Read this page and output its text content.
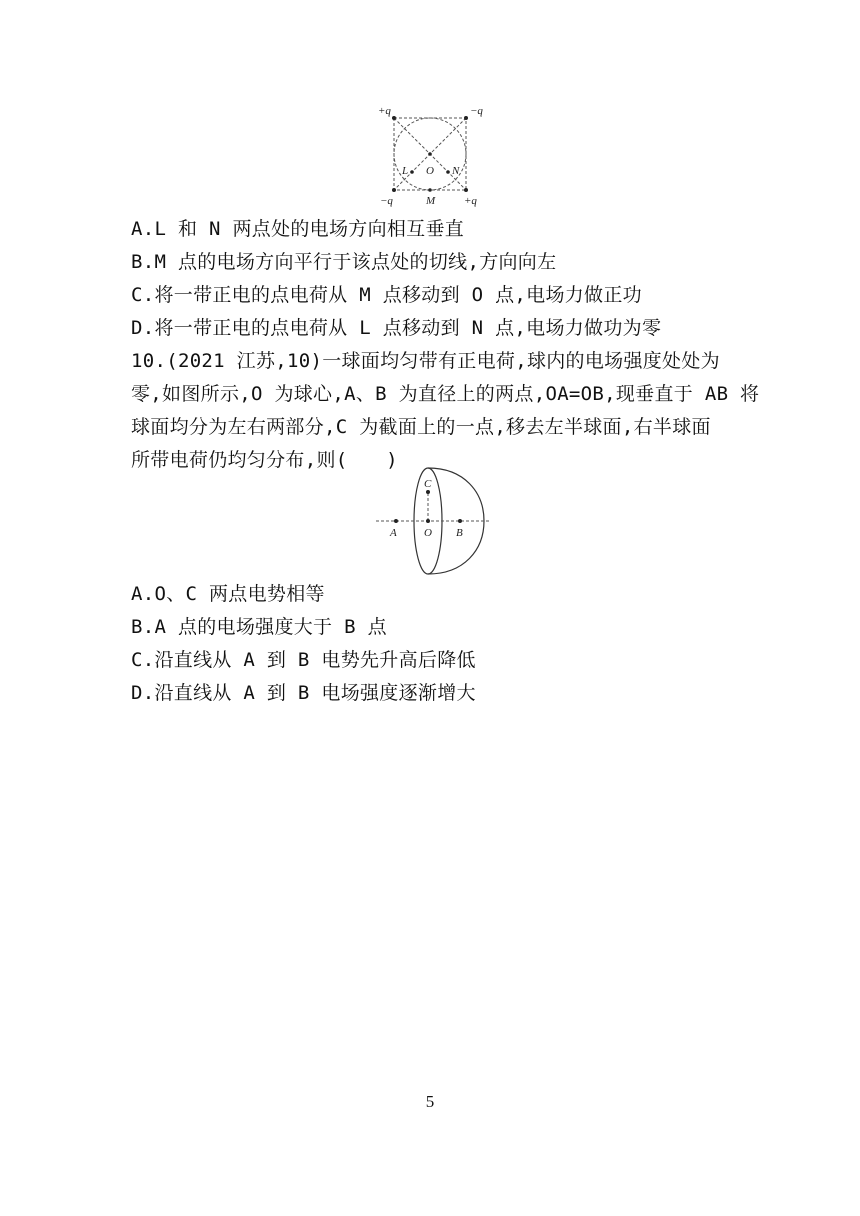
+q	−q
−q	+q
L O N
M
A.L 和 N 两点处的电场方向相互垂直
B.M 点的电场方向平行于该点处的切线,方向向左
C.将一带正电的点电荷从 M 点移动到 O 点,电场力做正功
D.将一带正电的点电荷从 L 点移动到 N 点,电场力做功为零
10.(2021 江苏,10)一球面均匀带有正电荷,球内的电场强度处处为
零,如图所示,O 为球心,A、B 为直径上的两点,OA=OB,现垂直于 AB 将
球面均分为左右两部分,C 为截面上的一点,移去左半球面,右半球面
所带电荷仍均匀分布,则(　　)
C
A O B
A.O、C 两点电势相等
B.A 点的电场强度大于 B 点
C.沿直线从 A 到 B 电势先升高后降低
D.沿直线从 A 到 B 电场强度逐渐增大
5
